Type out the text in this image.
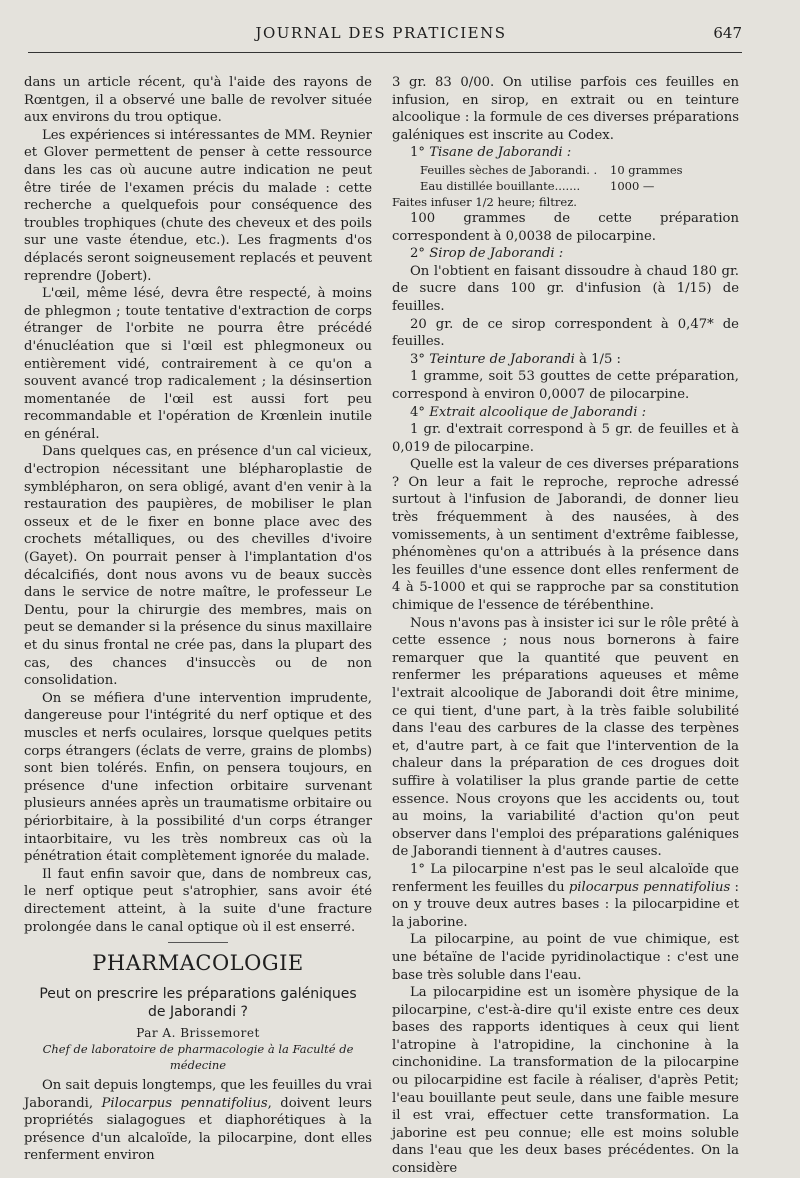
JOURNAL DES PRATICIENS	647

dans un article récent, qu'à l'aide des rayons de Rœntgen, il a observé une balle de revolver située aux environs du trou optique.

Les expériences si intéressantes de MM. Reynier et Glover permettent de penser à cette ressource dans les cas où aucune autre indication ne peut être tirée de l'examen précis du malade : cette recherche a quelquefois pour conséquence des troubles trophiques (chute des cheveux et des poils sur une vaste étendue, etc.). Les fragments d'os déplacés seront soigneusement replacés et peuvent reprendre (Jobert).

L'œil, même lésé, devra être respecté, à moins de phlegmon ; toute tentative d'extraction de corps étranger de l'orbite ne pourra être précédé d'énucléation que si l'œil est phlegmoneux ou entièrement vidé, contrairement à ce qu'on a souvent avancé trop radicalement ; la désinsertion momentanée de l'œil est aussi fort peu recommandable et l'opération de Krœnlein inutile en général.

Dans quelques cas, en présence d'un cal vicieux, d'ectropion nécessitant une blépharoplastie de symblépharon, on sera obligé, avant d'en venir à la restauration des paupières, de mobiliser le plan osseux et de le fixer en bonne place avec des crochets métalliques, ou des chevilles d'ivoire (Gayet). On pourrait penser à l'implantation d'os décalcifiés, dont nous avons vu de beaux succès dans le service de notre maître, le professeur Le Dentu, pour la chirurgie des membres, mais on peut se demander si la présence du sinus maxillaire et du sinus frontal ne crée pas, dans la plupart des cas, des chances d'insuccès ou de non consolidation.

On se méfiera d'une intervention imprudente, dangereuse pour l'intégrité du nerf optique et des muscles et nerfs oculaires, lorsque quelques petits corps étrangers (éclats de verre, grains de plombs) sont bien tolérés. Enfin, on pensera toujours, en présence d'une infection orbitaire survenant plusieurs années après un traumatisme orbitaire ou périorbitaire, à la possibilité d'un corps étranger intaorbitaire, vu les très nombreux cas où la pénétration était complètement ignorée du malade.

Il faut enfin savoir que, dans de nombreux cas, le nerf optique peut s'atrophier, sans avoir été directement atteint, à la suite d'une fracture prolongée dans le canal optique où il est enserré.

PHARMACOLOGIE
Peut on prescrire les préparations galéniques
de Jaborandi ?
Par A. Brissemoret
Chef de laboratoire de pharmacologie à la Faculté de médecine

On sait depuis longtemps, que les feuilles du vrai Jaborandi, Pilocarpus pennatifolius, doivent leurs propriétés sialagogues et diaphorétiques à la présence d'un alcaloïde, la pilocarpine, dont elles renferment environ

3 gr. 83 0/00. On utilise parfois ces feuilles en infusion, en sirop, en extrait ou en teinture alcoolique : la formule de ces diverses préparations galéniques est inscrite au Codex.

1° Tisane de Jaborandi :

Feuilles sèches de Jaborandi. .	10 grammes
Eau distillée bouillante.......	1000 —

Faites infuser 1/2 heure; filtrez.

100 grammes de cette préparation correspondent à 0,0038 de pilocarpine.

2° Sirop de Jaborandi :

On l'obtient en faisant dissoudre à chaud 180 gr. de sucre dans 100 gr. d'infusion (à 1/15) de feuilles.

20 gr. de ce sirop correspondent à 0,47* de feuilles.

3° Teinture de Jaborandi à 1/5 :

1 gramme, soit 53 gouttes de cette préparation, correspond à environ 0,0007 de pilocarpine.

4° Extrait alcoolique de Jaborandi :

1 gr. d'extrait correspond à 5 gr. de feuilles et à 0,019 de pilocarpine.

Quelle est la valeur de ces diverses préparations ? On leur a fait le reproche, reproche adressé surtout à l'infusion de Jaborandi, de donner lieu très fréquemment à des nausées, à des vomissements, à un sentiment d'extrême faiblesse, phénomènes qu'on a attribués à la présence dans les feuilles d'une essence dont elles renferment de 4 à 5-1000 et qui se rapproche par sa constitution chimique de l'essence de térébenthine.

Nous n'avons pas à insister ici sur le rôle prêté à cette essence ; nous nous bornerons à faire remarquer que la quantité que peuvent en renfermer les préparations aqueuses et même l'extrait alcoolique de Jaborandi doit être minime, ce qui tient, d'une part, à la très faible solubilité dans l'eau des carbures de la classe des terpènes et, d'autre part, à ce fait que l'intervention de la chaleur dans la préparation de ces drogues doit suffire à volatiliser la plus grande partie de cette essence. Nous croyons que les accidents ou, tout au moins, la variabilité d'action qu'on peut observer dans l'emploi des préparations galéniques de Jaborandi tiennent à d'autres causes.

1° La pilocarpine n'est pas le seul alcaloïde que renferment les feuilles du pilocarpus pennatifolius : on y trouve deux autres bases : la pilocarpidine et la jaborine.

La pilocarpine, au point de vue chimique, est une bétaïne de l'acide pyridinolactique : c'est une base très soluble dans l'eau.

La pilocarpidine est un isomère physique de la pilocarpine, c'est-à-dire qu'il existe entre ces deux bases des rapports identiques à ceux qui lient l'atropine à l'atropidine, la cinchonine à la cinchonidine. La transformation de la pilocarpine ou pilocarpidine est facile à réaliser, d'après Petit; l'eau bouillante peut seule, dans une faible mesure il est vrai, effectuer cette transformation. La jaborine est peu connue; elle est moins soluble dans l'eau que les deux bases précédentes. On la considère
